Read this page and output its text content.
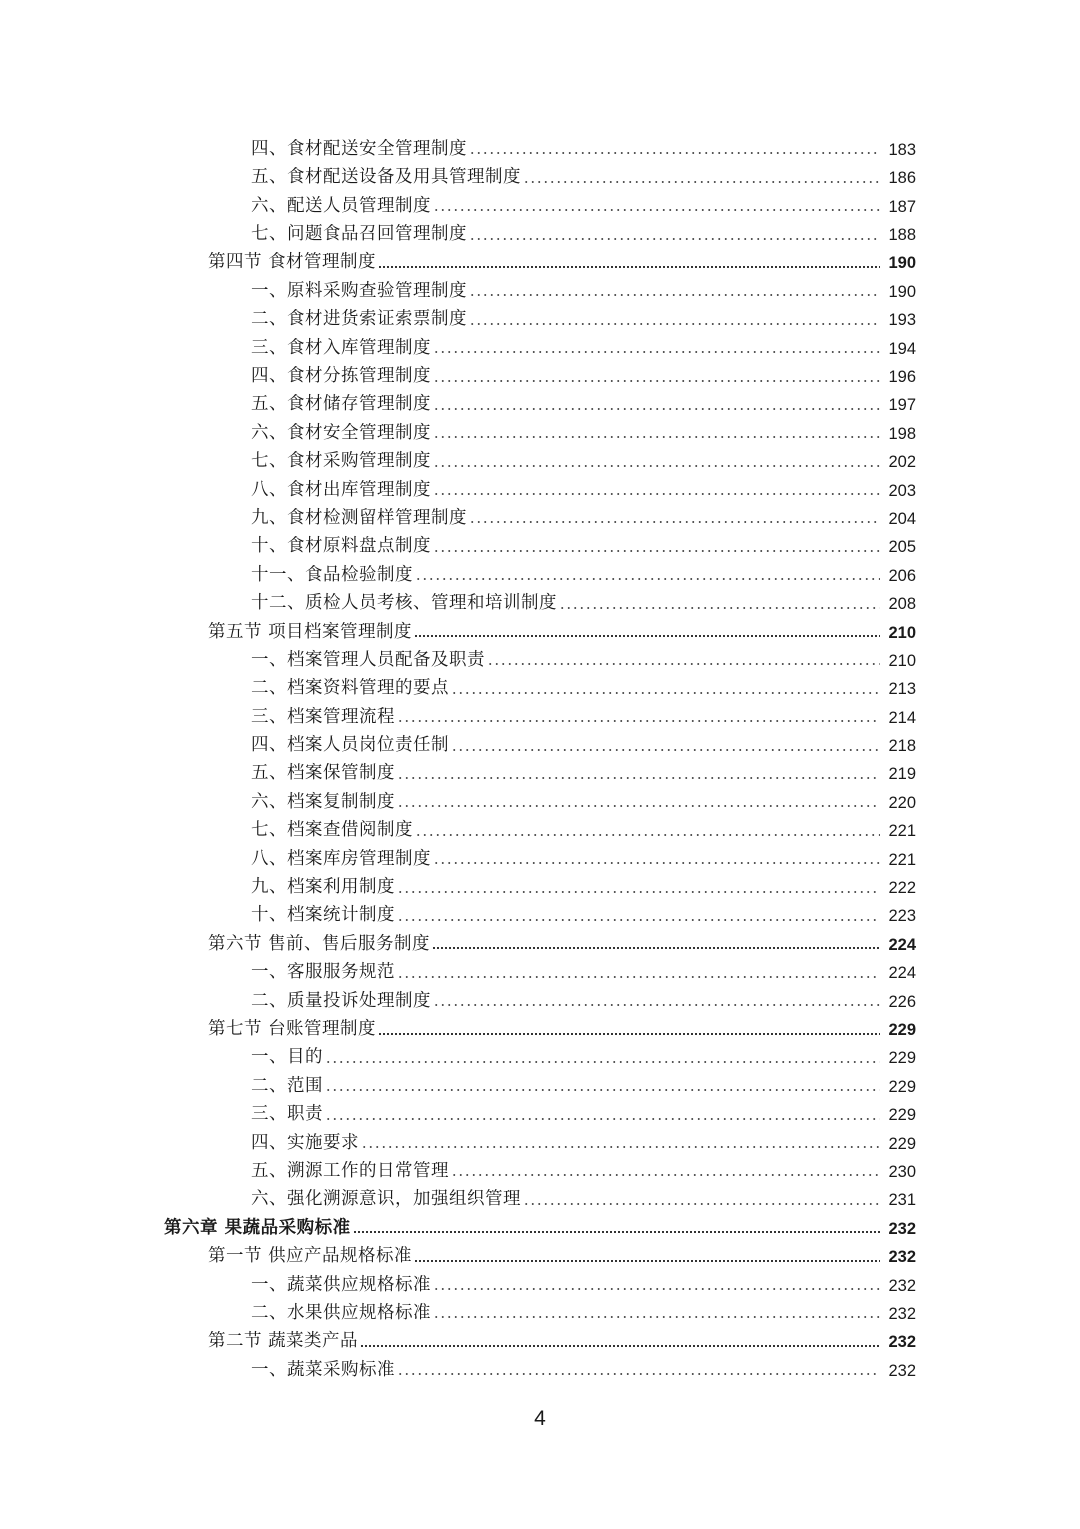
四、食材配送安全管理制度	183
五、食材配送设备及用具管理制度	186
六、配送人员管理制度	187
七、问题食品召回管理制度	188
第四节 食材管理制度	190
一、原料采购查验管理制度	190
二、食材进货索证索票制度	193
三、食材入库管理制度	194
四、食材分拣管理制度	196
五、食材储存管理制度	197
六、食材安全管理制度	198
七、食材采购管理制度	202
八、食材出库管理制度	203
九、食材检测留样管理制度	204
十、食材原料盘点制度	205
十一、食品检验制度	206
十二、质检人员考核、管理和培训制度	208
第五节 项目档案管理制度	210
一、档案管理人员配备及职责	210
二、档案资料管理的要点	213
三、档案管理流程	214
四、档案人员岗位责任制	218
五、档案保管制度	219
六、档案复制制度	220
七、档案查借阅制度	221
八、档案库房管理制度	221
九、档案利用制度	222
十、档案统计制度	223
第六节 售前、售后服务制度	224
一、客服服务规范	224
二、质量投诉处理制度	226
第七节 台账管理制度	229
一、目的	229
二、范围	229
三、职责	229
四、实施要求	229
五、溯源工作的日常管理	230
六、强化溯源意识，加强组织管理	231
第六章 果蔬品采购标准	232
第一节 供应产品规格标准	232
一、蔬菜供应规格标准	232
二、水果供应规格标准	232
第二节 蔬菜类产品	232
一、蔬菜采购标准	232
4
